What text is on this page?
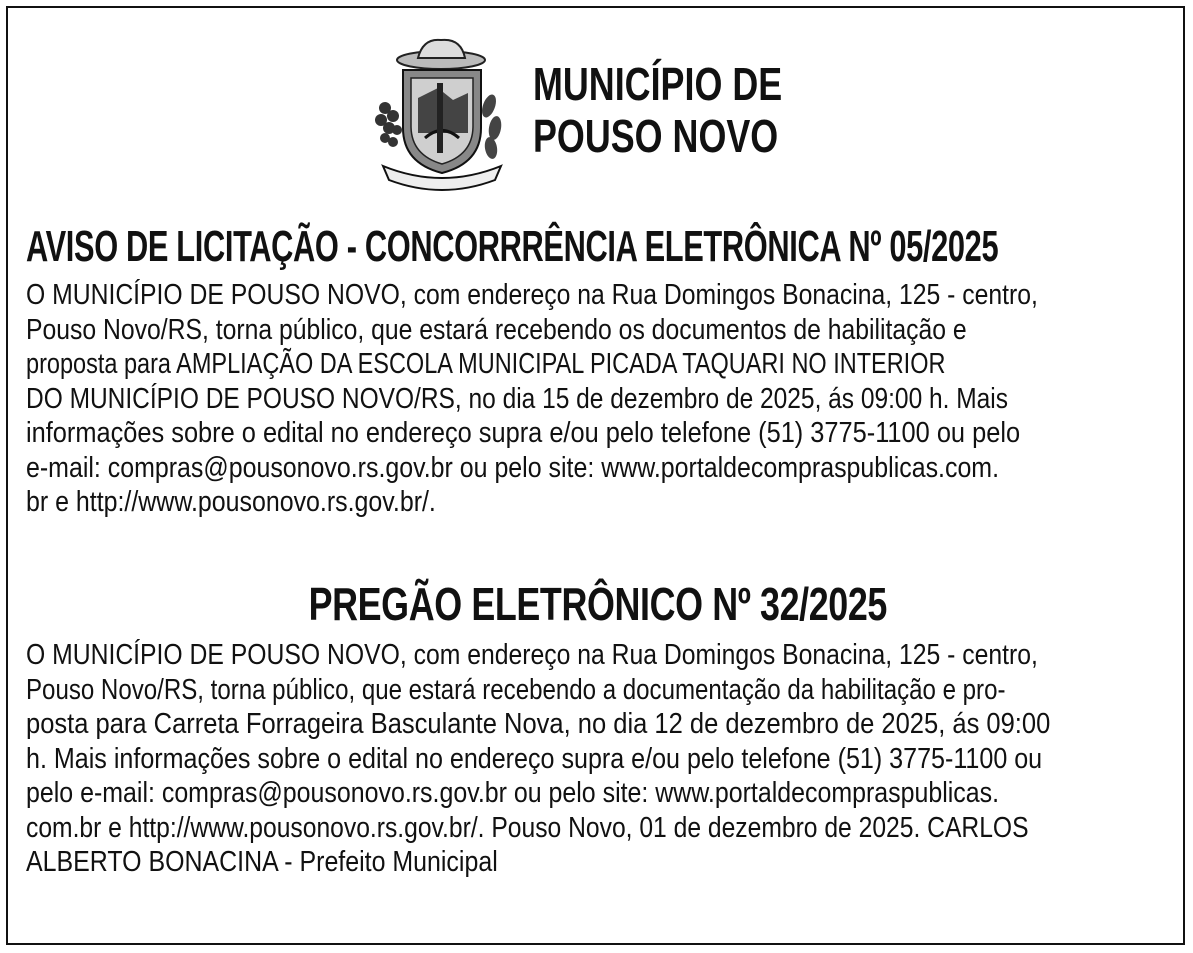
MUNICÍPIO DE
POUSO NOVO
AVISO DE LICITAÇÃO - CONCORRRÊNCIA ELETRÔNICA Nº 05/2025
O MUNICÍPIO DE POUSO NOVO, com endereço na Rua Domingos Bonacina, 125 - centro,
Pouso Novo/RS, torna público, que estará recebendo os documentos de habilitação e
proposta para AMPLIAÇÃO DA ESCOLA MUNICIPAL PICADA TAQUARI NO INTERIOR
DO MUNICÍPIO DE POUSO NOVO/RS, no dia 15 de dezembro de 2025, ás 09:00 h. Mais
informações sobre o edital no endereço supra e/ou pelo telefone (51) 3775-1100 ou pelo
e-mail: compras@pousonovo.rs.gov.br ou pelo site: www.portaldecompraspublicas.com.
br e http://www.pousonovo.rs.gov.br/.
PREGÃO ELETRÔNICO Nº 32/2025
O MUNICÍPIO DE POUSO NOVO, com endereço na Rua Domingos Bonacina, 125 - centro,
Pouso Novo/RS, torna público, que estará recebendo a documentação da habilitação e pro-
posta para Carreta Forrageira Basculante Nova, no dia 12 de dezembro de 2025, ás 09:00
h. Mais informações sobre o edital no endereço supra e/ou pelo telefone (51) 3775-1100 ou
pelo e-mail: compras@pousonovo.rs.gov.br ou pelo site: www.portaldecompraspublicas.
com.br e http://www.pousonovo.rs.gov.br/. Pouso Novo, 01 de dezembro de 2025. CARLOS
ALBERTO BONACINA - Prefeito Municipal
